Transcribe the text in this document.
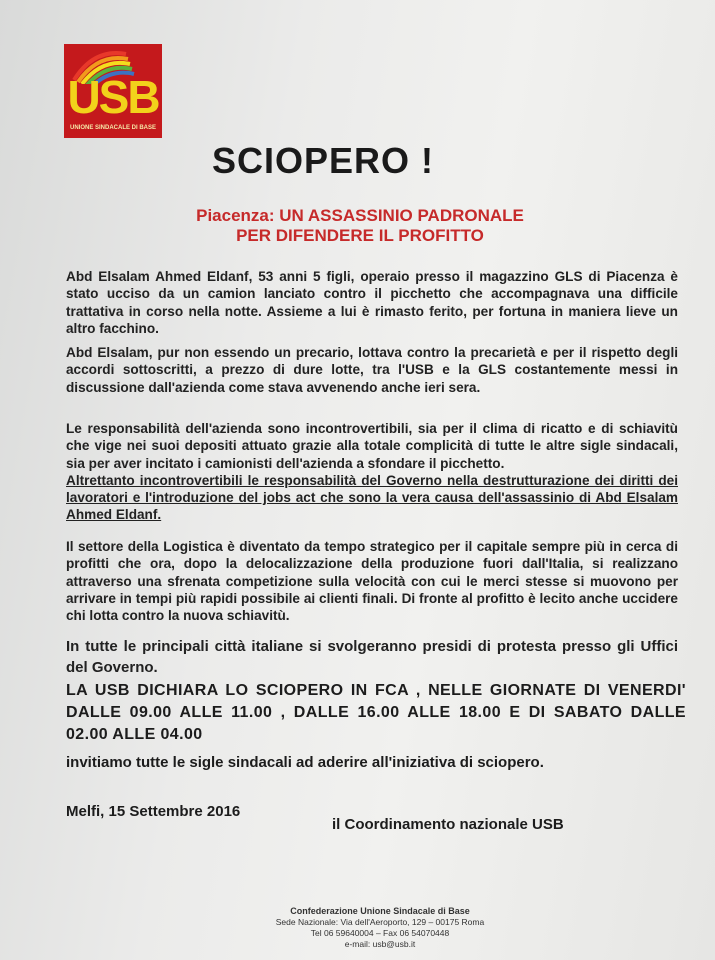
USB
UNIONE SINDACALE DI BASE
SCIOPERO !
Piacenza: UN ASSASSINIO PADRONALE
PER DIFENDERE IL PROFITTO
Abd Elsalam Ahmed Eldanf, 53 anni 5 figli, operaio presso il magazzino GLS di Piacenza è stato ucciso da un camion lanciato contro il picchetto che accompagnava una difficile trattativa in corso nella notte. Assieme a lui è rimasto ferito, per fortuna in maniera lieve un altro facchino.
Abd Elsalam, pur non essendo un precario, lottava contro la precarietà e per il rispetto degli accordi sottoscritti, a prezzo di dure lotte, tra l'USB e la GLS costantemente messi in discussione dall'azienda come stava avvenendo anche ieri sera.
Le responsabilità dell'azienda sono incontrovertibili, sia per il clima di ricatto e di schiavitù che vige nei suoi depositi attuato grazie alla totale complicità di tutte le altre sigle sindacali, sia per aver incitato i camionisti dell'azienda a sfondare il picchetto.
Altrettanto incontrovertibili le responsabilità del Governo nella destrutturazione dei diritti dei lavoratori e l'introduzione del jobs act che sono la vera causa dell'assassinio di Abd Elsalam Ahmed Eldanf.
Il settore della Logistica è diventato da tempo strategico per il capitale sempre più in cerca di profitti che ora, dopo la delocalizzazione della produzione fuori dall'Italia, si realizzano attraverso una sfrenata competizione sulla velocità con cui le merci stesse si muovono per arrivare in tempi più rapidi possibile ai clienti finali. Di fronte al profitto è lecito anche uccidere chi lotta contro la nuova schiavitù.
In tutte le principali città italiane si svolgeranno presidi di protesta presso gli Uffici del Governo.
LA USB DICHIARA LO SCIOPERO IN FCA , NELLE GIORNATE DI VENERDI' DALLE 09.00 ALLE 11.00 , DALLE 16.00 ALLE 18.00 E DI SABATO DALLE 02.00 ALLE 04.00
invitiamo tutte le sigle sindacali ad aderire all'iniziativa di sciopero.
Melfi, 15 Settembre 2016
il Coordinamento nazionale USB
Confederazione Unione Sindacale di Base
Sede Nazionale: Via dell'Aeroporto, 129 – 00175 Roma
Tel 06 59640004 – Fax 06 54070448
e-mail: usb@usb.it
